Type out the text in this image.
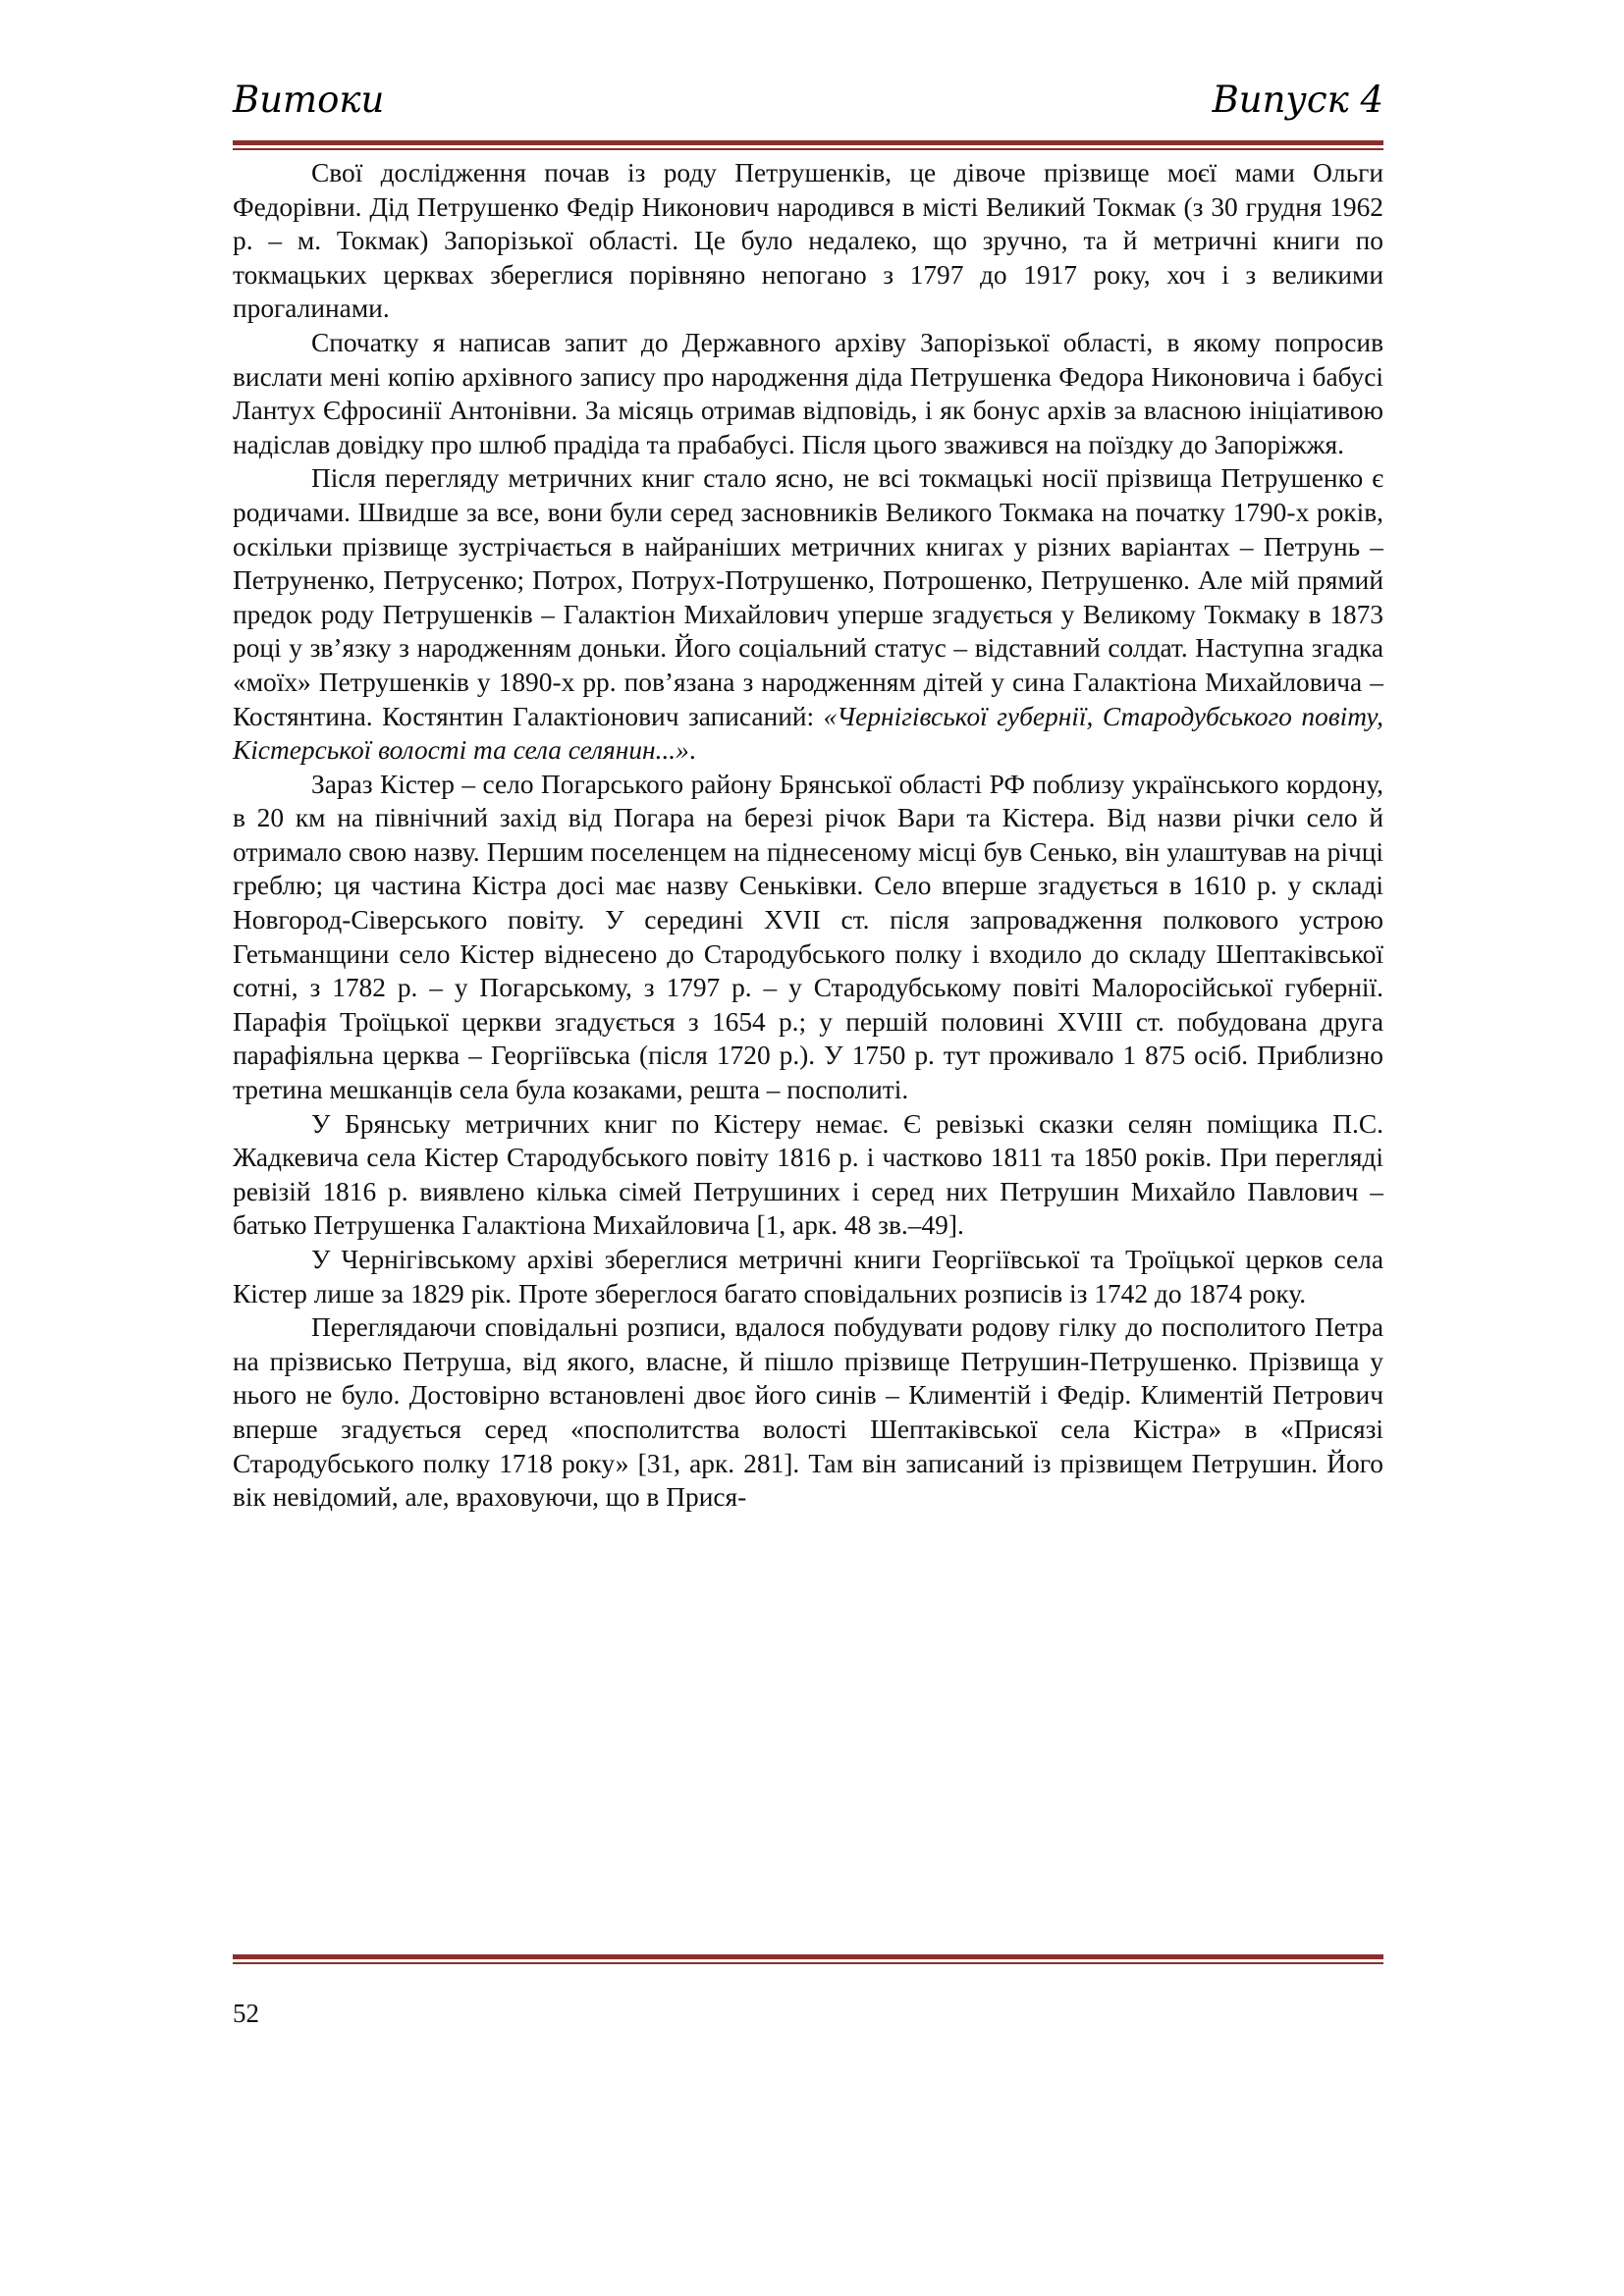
Витоки	Випуск 4

Свої дослідження почав із роду Петрушенків, це дівоче прізвище моєї мами Ольги Федорівни. Дід Петрушенко Федір Никонович народився в місті Великий Токмак (з 30 грудня 1962 р. – м. Токмак) Запорізької області. Це було недалеко, що зручно, та й метричні книги по токмацьких церквах збереглися порівняно непогано з 1797 до 1917 року, хоч і з великими прогалинами.

Спочатку я написав запит до Державного архіву Запорізької області, в якому попросив вислати мені копію архівного запису про народження діда Петрушенка Федора Никоновича і бабусі Лантух Єфросинії Антонівни. За місяць отримав відповідь, і як бонус архів за власною ініціативою надіслав довідку про шлюб прадіда та прабабусі. Після цього зважився на поїздку до Запоріжжя.

Після перегляду метричних книг стало ясно, не всі токмацькі носії прізвища Петрушенко є родичами. Швидше за все, вони були серед засновників Великого Токмака на початку 1790-х років, оскільки прізвище зустрічається в найраніших метричних книгах у різних варіантах – Петрунь – Петруненко, Петрусенко; Потрох, Потрух-Потрушенко, Потрошенко, Петрушенко. Але мій прямий предок роду Петрушенків – Галактіон Михайлович уперше згадується у Великому Токмаку в 1873 році у зв’язку з народженням доньки. Його соціальний статус – відставний солдат. Наступна згадка «моїх» Петрушенків у 1890-х рр. пов’язана з народженням дітей у сина Галактіона Михайловича – Костянтина. Костянтин Галактіонович записаний: «Чернігівської губернії, Стародубського повіту, Кістерської волості та села селянин...».

Зараз Кістер – село Погарського району Брянської області РФ поблизу українського кордону, в 20 км на північний захід від Погара на березі річок Вари та Кістера. Від назви річки село й отримало свою назву. Першим поселенцем на піднесеному місці був Сенько, він улаштував на річці греблю; ця частина Кістра досі має назву Сеньківки. Село вперше згадується в 1610 р. у складі Новгород-Сіверського повіту. У середині XVII ст. після запровадження полкового устрою Гетьманщини село Кістер віднесено до Стародубського полку і входило до складу Шептаківської сотні, з 1782 р. – у Погарському, з 1797 р. – у Стародубському повіті Малоросійської губернії. Парафія Троїцької церкви згадується з 1654 р.; у першій половині XVIII ст. побудована друга парафіяльна церква – Георгіївська (після 1720 р.). У 1750 р. тут проживало 1 875 осіб. Приблизно третина мешканців села була козаками, решта – посполиті.

У Брянську метричних книг по Кістеру немає. Є ревізькі сказки селян поміщика П.С. Жадкевича села Кістер Стародубського повіту 1816 р. і частково 1811 та 1850 років. При перегляді ревізій 1816 р. виявлено кілька сімей Петрушиних і серед них Петрушин Михайло Павлович – батько Петрушенка Галактіона Михайловича [1, арк. 48 зв.–49].

У Чернігівському архіві збереглися метричні книги Георгіївської та Троїцької церков села Кістер лише за 1829 рік. Проте збереглося багато сповідальних розписів із 1742 до 1874 року.

Переглядаючи сповідальні розписи, вдалося побудувати родову гілку до посполитого Петра на прізвисько Петруша, від якого, власне, й пішло прізвище Петрушин-Петрушенко. Прізвища у нього не було. Достовірно встановлені двоє його синів – Климентій і Федір. Климентій Петрович вперше згадується серед «посполитства волості Шептаківської села Кістра» в «Присязі Стародубського полку 1718 року» [31, арк. 281]. Там він записаний із прізвищем Петрушин. Його вік невідомий, але, враховуючи, що в Прися-

52
